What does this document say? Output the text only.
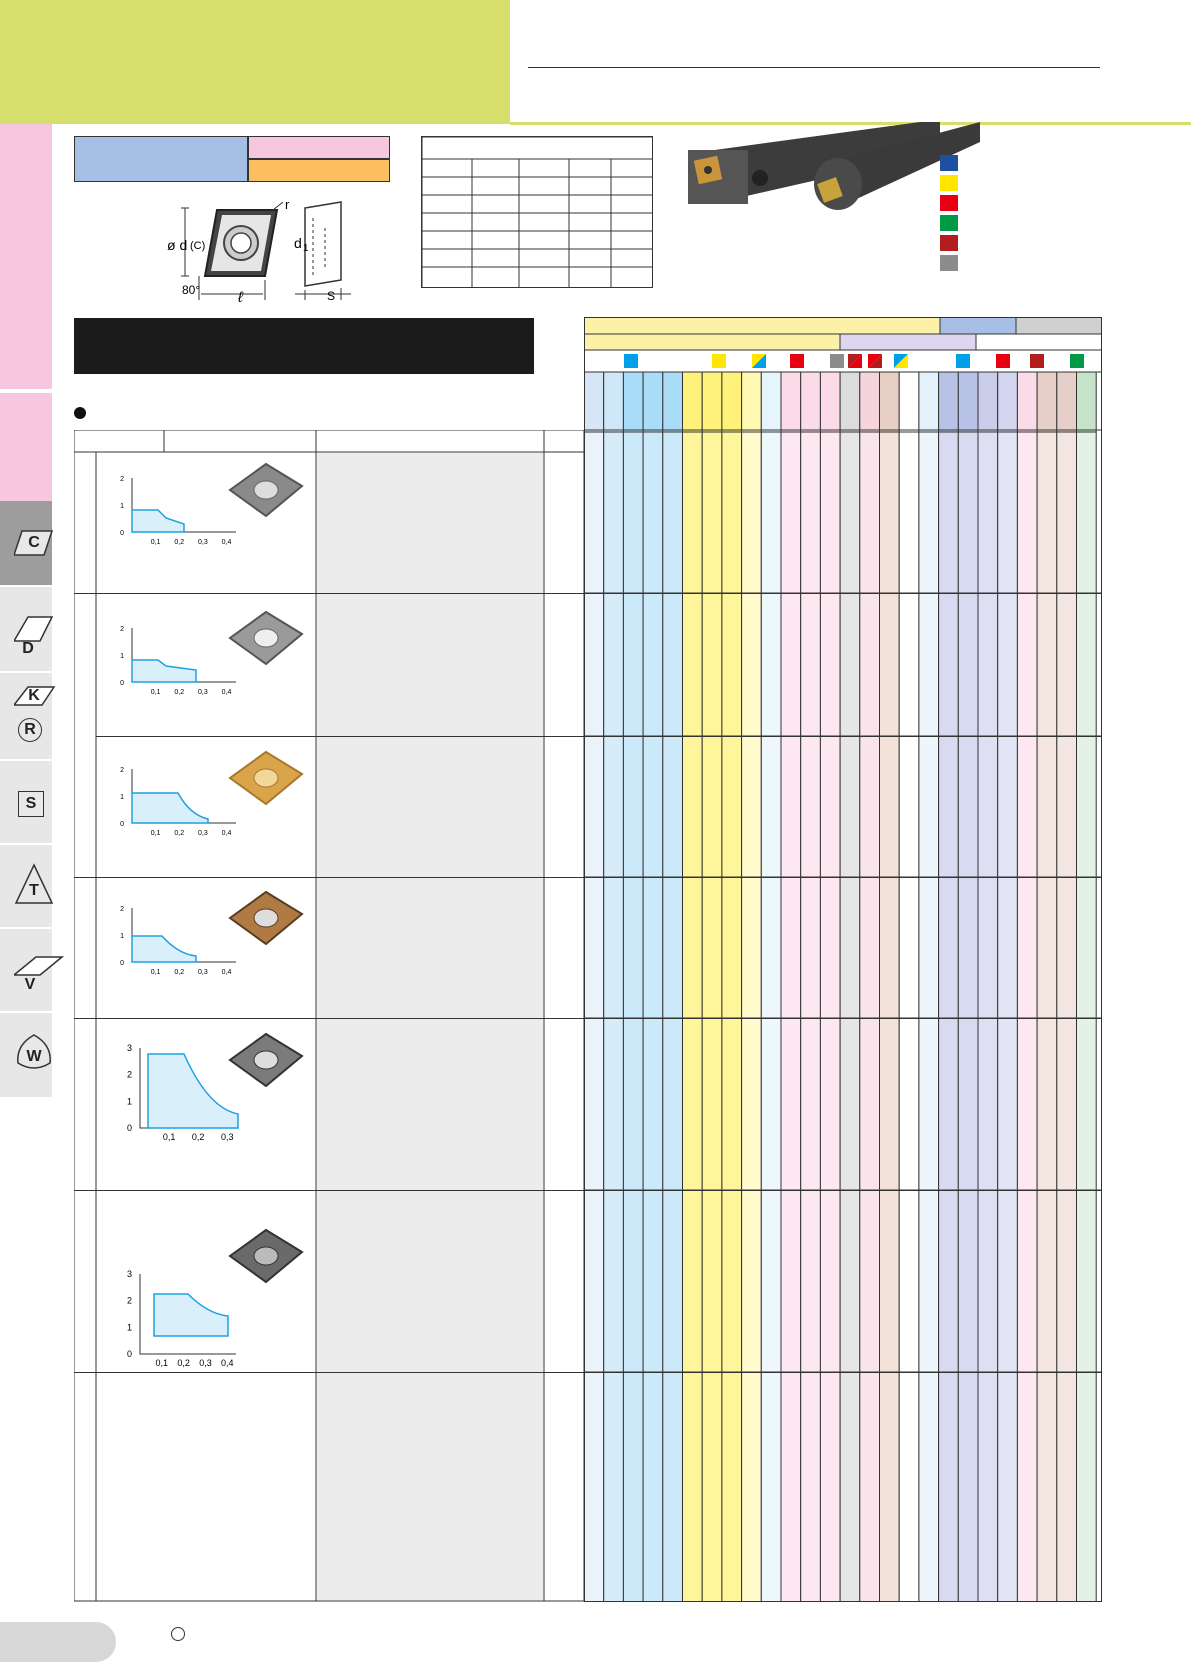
C
D
K
R
S
T
V
W
r
ø d (C)	d 1
80°	ℓ	S
2
1
0
0,1 0,2 0,3 0,4
2
1
0
0,1 0,2 0,3 0,4
2
1
0
0,1 0,2 0,3 0,4
2
1
0
0,1 0,2 0,3 0,4
3
2
1
0
0,1 0,2 0,3
3
2
1
0
0,1 0,2 0,3 0,4
